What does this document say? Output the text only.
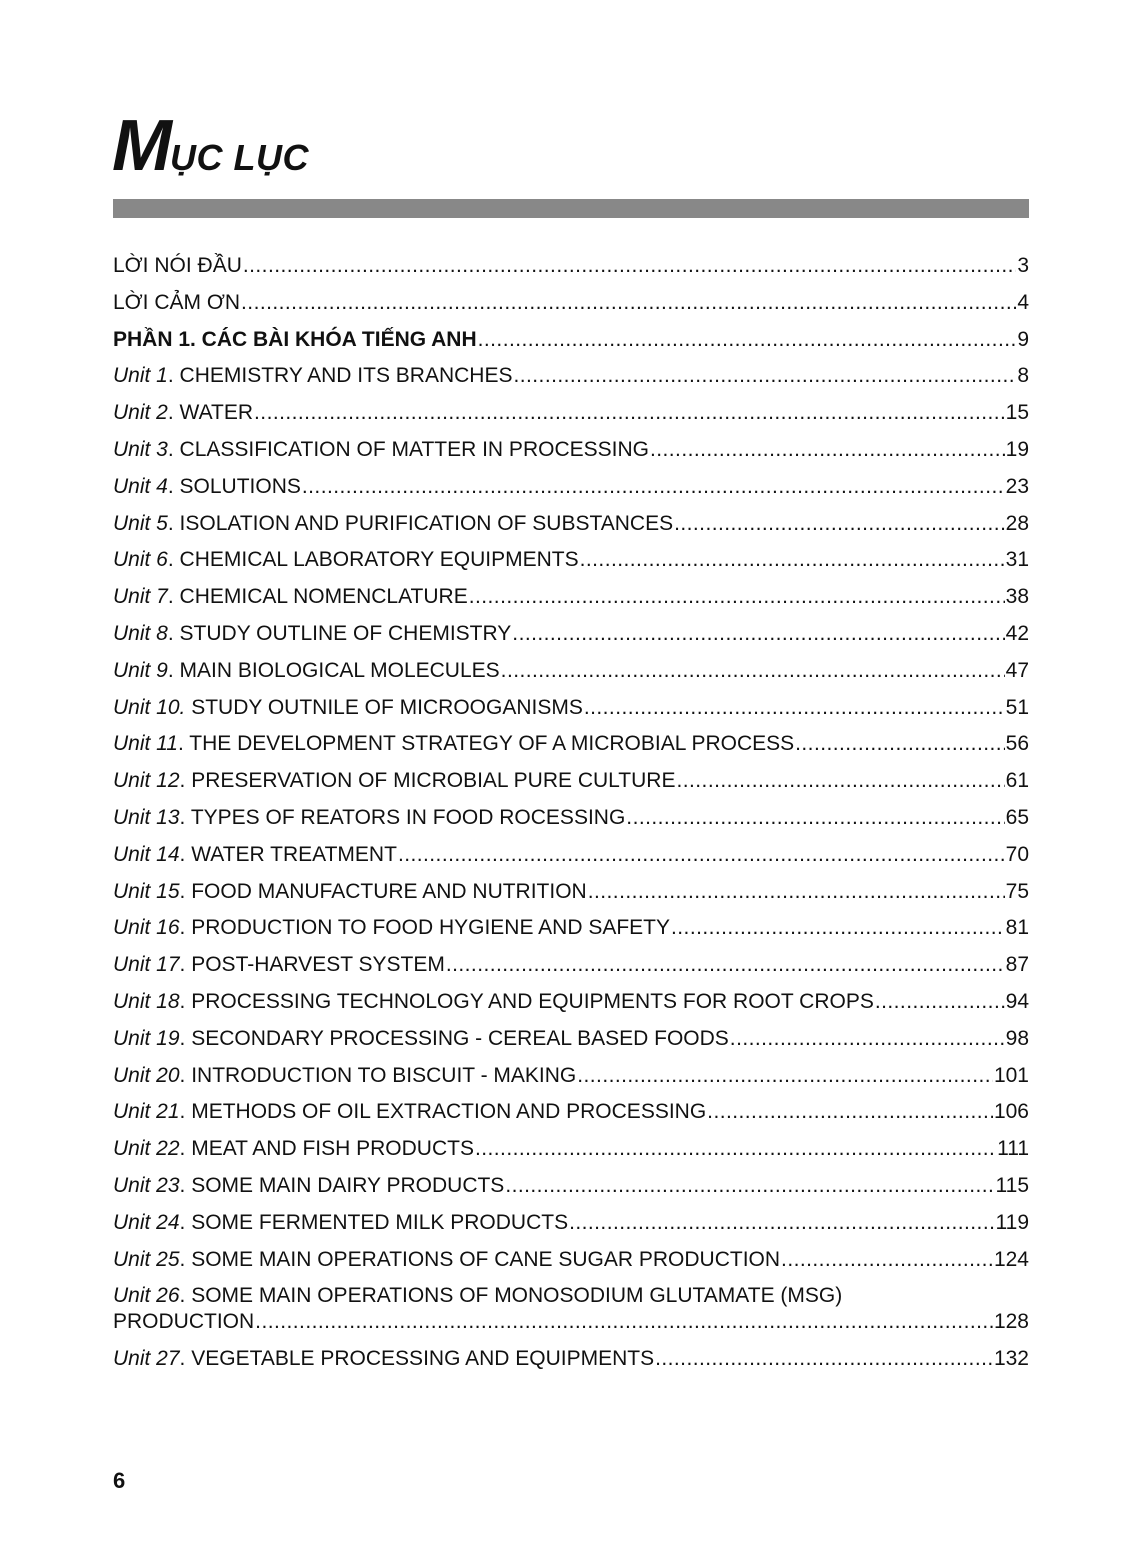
MỤC LỤC
LỜI NÓI ĐẦU . . .	3
LỜI CẢM ƠN . . .	4
PHẦN 1. CÁC BÀI KHÓA TIẾNG ANH . . .	9
Unit 1. CHEMISTRY AND ITS BRANCHES . . .	8
Unit 2. WATER . . .	15
Unit 3. CLASSIFICATION OF MATTER IN PROCESSING . . .	19
Unit 4. SOLUTIONS . . .	23
Unit 5. ISOLATION AND PURIFICATION OF SUBSTANCES . . .	28
Unit 6. CHEMICAL LABORATORY EQUIPMENTS . . .	31
Unit 7. CHEMICAL NOMENCLATURE . . .	38
Unit 8. STUDY OUTLINE OF CHEMISTRY . . .	42
Unit 9. MAIN BIOLOGICAL MOLECULES . . .	47
Unit 10. STUDY OUTNILE OF MICROOGANISMS . . .	51
Unit 11. THE DEVELOPMENT STRATEGY OF A MICROBIAL PROCESS . . .	56
Unit 12. PRESERVATION OF MICROBIAL PURE CULTURE . . .	61
Unit 13. TYPES OF REATORS IN FOOD ROCESSING . . .	65
Unit 14. WATER TREATMENT . . .	70
Unit 15. FOOD MANUFACTURE AND NUTRITION . . .	75
Unit 16. PRODUCTION TO FOOD HYGIENE AND SAFETY . . .	81
Unit 17. POST-HARVEST SYSTEM . . .	87
Unit 18. PROCESSING TECHNOLOGY AND EQUIPMENTS FOR ROOT CROPS . . .	94
Unit 19. SECONDARY PROCESSING - CEREAL BASED FOODS . . .	98
Unit 20. INTRODUCTION TO BISCUIT - MAKING . . .	101
Unit 21. METHODS OF OIL EXTRACTION AND PROCESSING . . .	106
Unit 22. MEAT AND FISH PRODUCTS . . .	111
Unit 23. SOME MAIN DAIRY PRODUCTS . . .	115
Unit 24. SOME FERMENTED MILK PRODUCTS . . .	119
Unit 25. SOME MAIN OPERATIONS OF CANE SUGAR PRODUCTION . . .	124
Unit 26. SOME MAIN OPERATIONS OF MONOSODIUM GLUTAMATE (MSG)
PRODUCTION . . .	128
Unit 27. VEGETABLE PROCESSING AND EQUIPMENTS . . .	132
6
